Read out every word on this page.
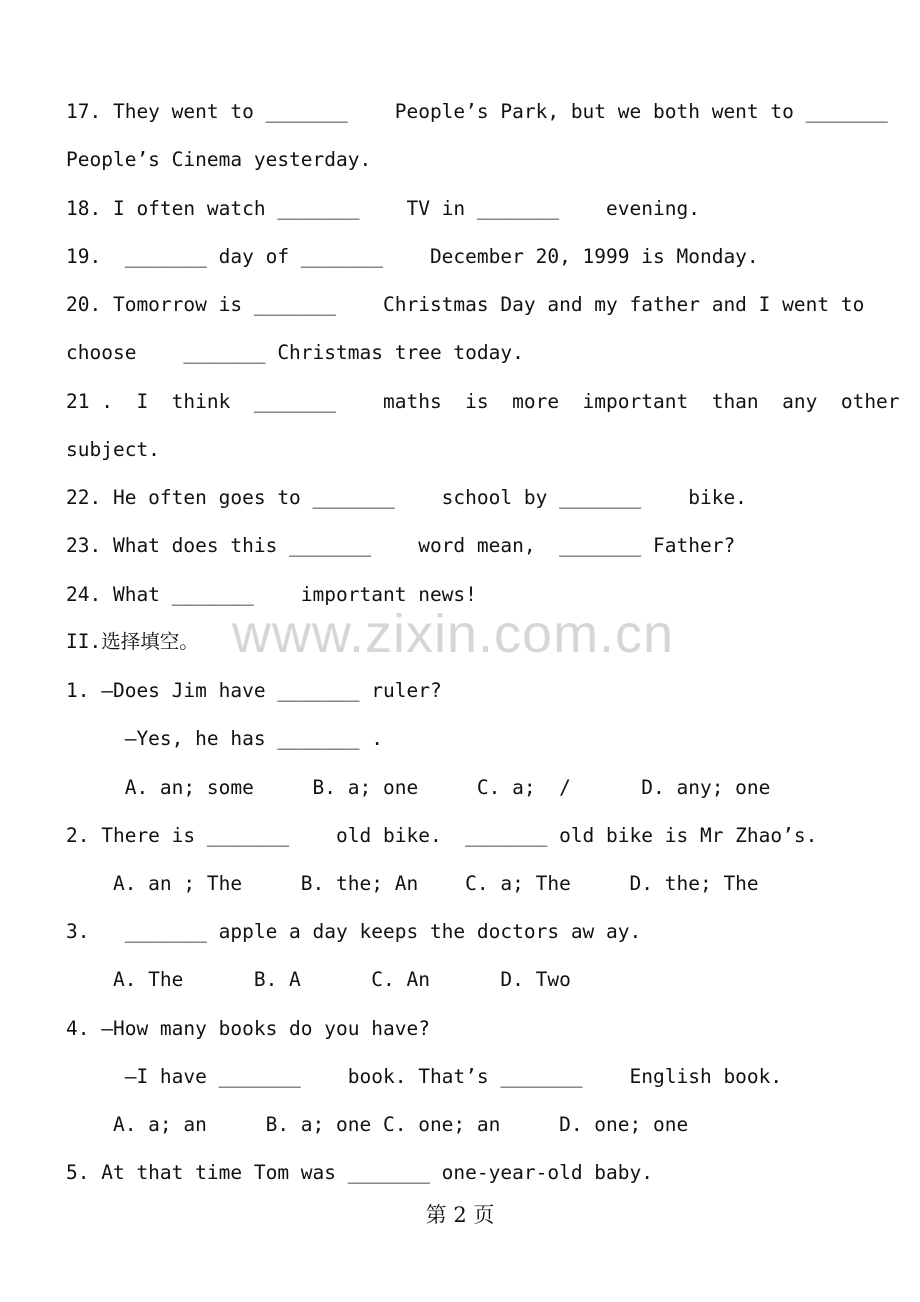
17. They went to _______    People’s Park, but we both went to _______
People’s Cinema yesterday.
18. I often watch _______    TV in _______    evening.
19.  _______ day of _______    December 20, 1999 is Monday.
20. Tomorrow is _______    Christmas Day and my father and I went to
choose    _______ Christmas tree today.
21 .  I  think  _______    maths  is  more  important  than  any  other
subject.
22. He often goes to _______    school by _______    bike.
23. What does this _______    word mean,  _______ Father?
24. What _______    important news!
II.选择填空。
1. —Does Jim have _______ ruler?
—Yes, he has _______ .
A. an; some     B. a; one     C. a;  /      D. any; one
2. There is _______    old bike.  _______ old bike is Mr Zhao’s.
A. an ; The     B. the; An    C. a; The     D. the; The
3.   _______ apple a day keeps the doctors aw ay.
A. The      B. A      C. An      D. Two
4. —How many books do you have?
—I have _______    book. That’s _______    English book.
A. a; an     B. a; one C. one; an     D. one; one
5. At that time Tom was _______ one-year-old baby.
www.zixin.com.cn
第 2 页
